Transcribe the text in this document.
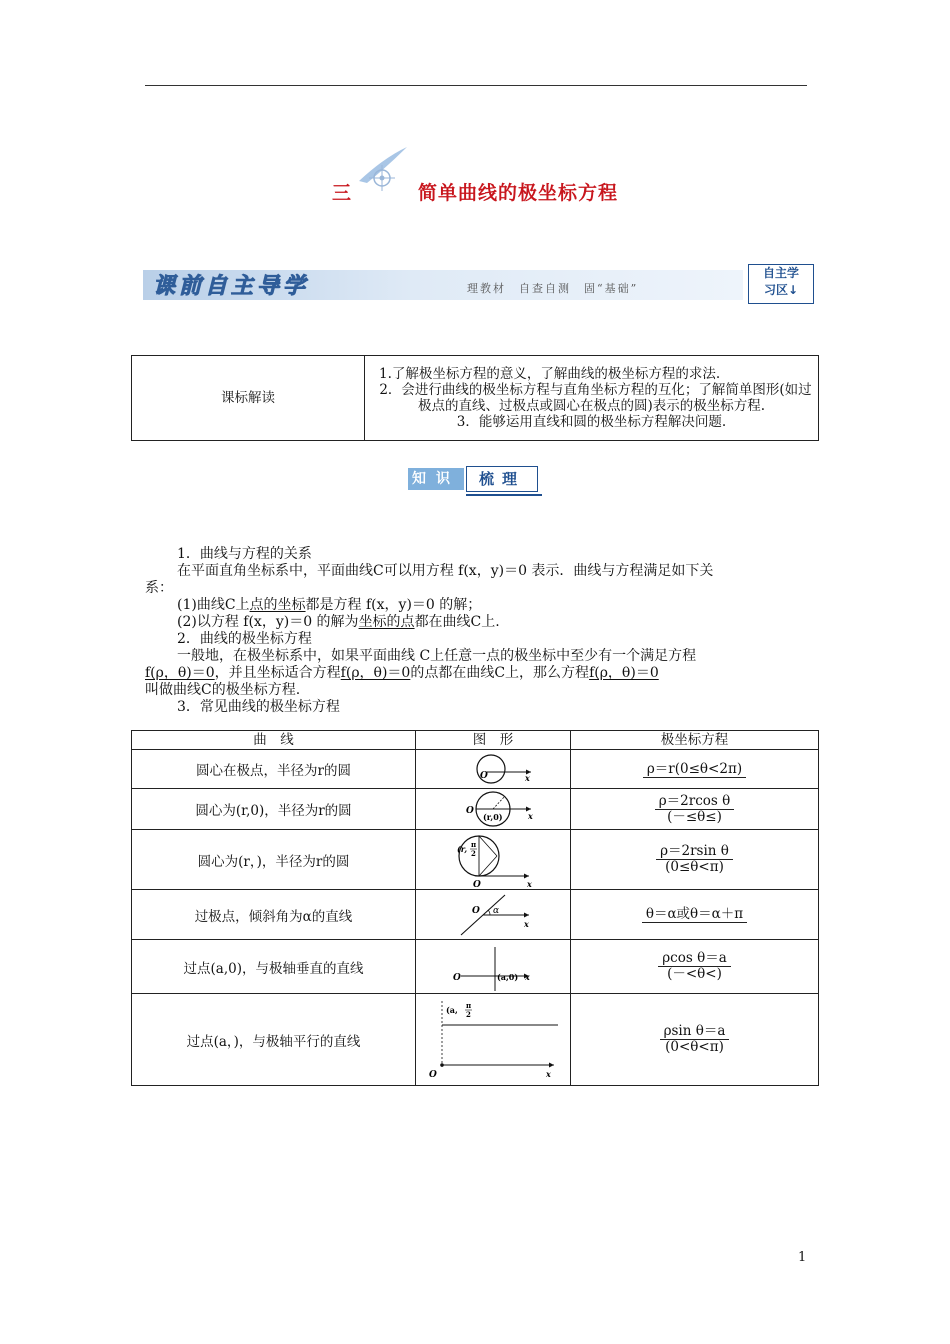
三	简单曲线的极坐标方程
课前自主导学	理教材　自查自测　固“基础”
自主学
习区↓
课标解读	
1.了解极坐标方程的意义，了解曲线的极坐标方程的求法.
2．会进行曲线的极坐标方程与直角坐标方程的互化；了解简单图形(如过极点的直线、过极点或圆心在极点的圆)表示的极坐标方程.
3．能够运用直线和圆的极坐标方程解决问题.
知识	梳理
1．曲线与方程的关系
在平面直角坐标系中，平面曲线C可以用方程 f(x，y)＝0 表示．曲线与方程满足如下关
系：
(1)曲线C上点的坐标都是方程 f(x，y)＝0 的解；
(2)以方程 f(x，y)＝0 的解为坐标的点都在曲线C上.
2．曲线的极坐标方程
一般地，在极坐标系中，如果平面曲线 C上任意一点的极坐标中至少有一个满足方程
f(ρ，θ)＝0，并且坐标适合方程f(ρ，θ)＝0的点都在曲线C上，那么方程f(ρ，θ)＝0
叫做曲线C的极坐标方程.
3．常见曲线的极坐标方程
曲　线	图　形	极坐标方程
圆心在极点，半径为r的圆	O x	ρ＝r(0≤θ<2π)

圆心为(r,0)，半径为r的圆	O
(r,0) x	$\frac{\text{ρ＝2rcos θ}}{(-\le\theta\le)}$

圆心为(r，)，半径为r的圆	(r, π
2
O x	$\frac{\text{ρ＝2rsin θ}}{(0\le\theta<\pi)}$

过极点，倾斜角为α的直线	O α
x	θ＝α或θ＝α＋π

过点(a,0)，与极轴垂直的直线	O (a,0) x	$\frac{\text{ρcos θ＝a}}{(-<\theta<)}$

过点(a，)，与极轴平行的直线	(a, π
2
O x	$\frac{\text{ρsin θ＝a}}{(0<\theta<\pi)}$
1
